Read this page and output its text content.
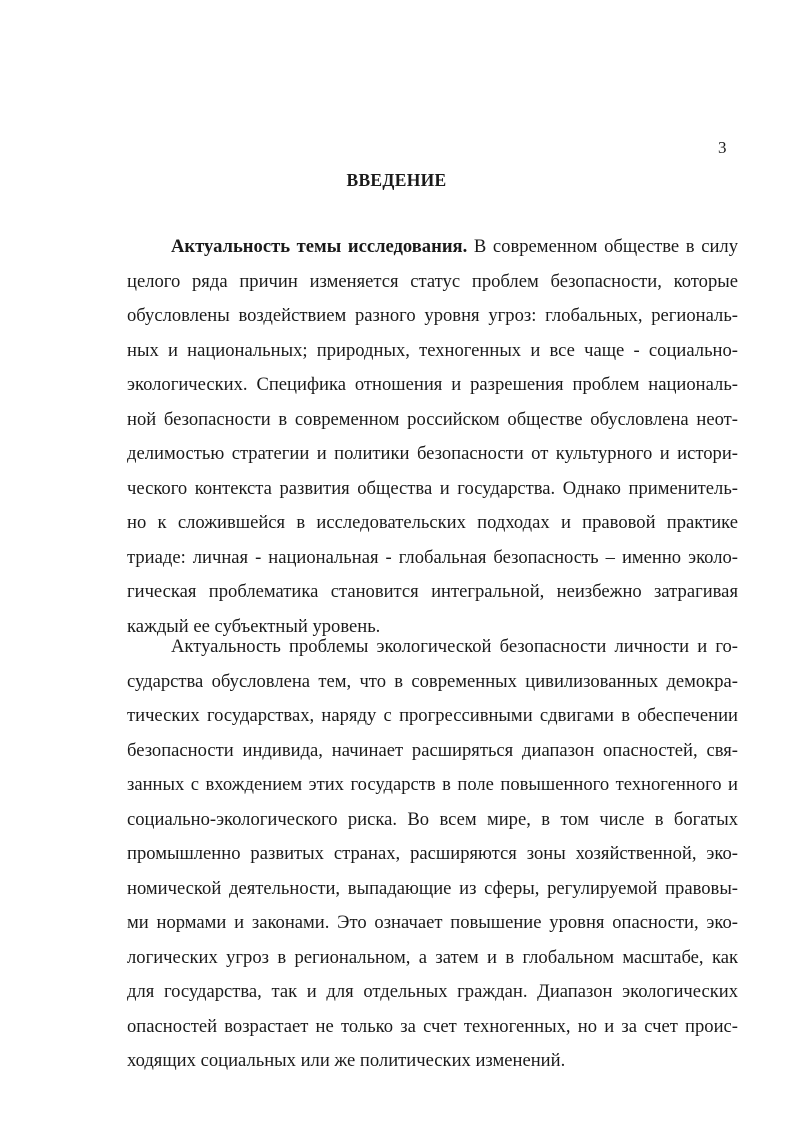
3
ВВЕДЕНИЕ
Актуальность темы исследования. В современном обществе в силу
целого ряда причин изменяется статус проблем безопасности, которые
обусловлены воздействием разного уровня угроз: глобальных, региональ-
ных и национальных; природных, техногенных и все чаще - социально-
экологических. Специфика отношения и разрешения проблем националь-
ной безопасности в современном российском обществе обусловлена неот-
делимостью стратегии и политики безопасности от культурного и истори-
ческого контекста развития общества и государства. Однако применитель-
но к сложившейся в исследовательских подходах и правовой практике
триаде: личная - национальная - глобальная безопасность – именно эколо-
гическая проблематика становится интегральной, неизбежно затрагивая
каждый ее субъектный уровень.
Актуальность проблемы экологической безопасности личности и го-
сударства обусловлена тем, что в современных цивилизованных демокра-
тических государствах, наряду с прогрессивными сдвигами в обеспечении
безопасности индивида, начинает расширяться диапазон опасностей, свя-
занных с вхождением этих государств в поле повышенного техногенного и
социально-экологического риска. Во всем мире, в том числе в богатых
промышленно развитых странах, расширяются зоны хозяйственной, эко-
номической деятельности, выпадающие из сферы, регулируемой правовы-
ми нормами и законами. Это означает повышение уровня опасности, эко-
логических угроз в региональном, а затем и в глобальном масштабе, как
для государства, так и для отдельных граждан. Диапазон экологических
опасностей возрастает не только за счет техногенных, но и за счет проис-
ходящих социальных или же политических изменений.
